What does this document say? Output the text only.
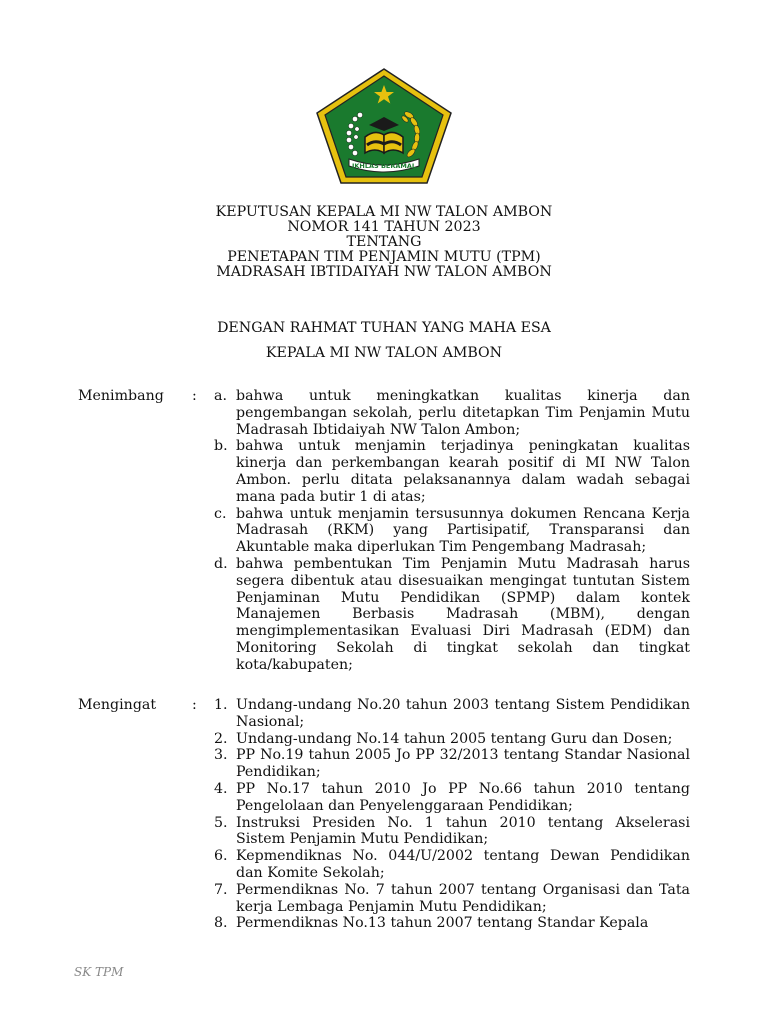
IKHLAS BERAMAL
KEPUTUSAN KEPALA MI NW TALON AMBON
NOMOR 141 TAHUN 2023
TENTANG
PENETAPAN TIM PENJAMIN MUTU (TPM)
MADRASAH IBTIDAIYAH NW TALON AMBON
DENGAN RAHMAT TUHAN YANG MAHA ESA
KEPALA MI NW TALON AMBON
Menimbang : a. bahwa untuk meningkatkan kualitas kinerja dan pengembangan sekolah, perlu ditetapkan Tim Penjamin Mutu Madrasah Ibtidaiyah NW Talon Ambon;
b. bahwa untuk menjamin terjadinya peningkatan kualitas kinerja dan perkembangan kearah positif di MI NW Talon Ambon. perlu ditata pelaksanannya dalam wadah sebagai mana pada butir 1 di atas;
c. bahwa untuk menjamin tersusunnya dokumen Rencana Kerja Madrasah (RKM) yang Partisipatif, Transparansi dan Akuntable maka diperlukan Tim Pengembang Madrasah;
d. bahwa pembentukan Tim Penjamin Mutu Madrasah harus segera dibentuk atau disesuaikan mengingat tuntutan Sistem Penjaminan Mutu Pendidikan (SPMP) dalam kontek Manajemen Berbasis Madrasah (MBM), dengan mengimplementasikan Evaluasi Diri Madrasah (EDM) dan Monitoring Sekolah di tingkat sekolah dan tingkat kota/kabupaten;
Mengingat	: 1. Undang-undang No.20 tahun 2003 tentang Sistem Pendidikan Nasional;
2. Undang-undang No.14 tahun 2005 tentang Guru dan Dosen;
3. PP No.19 tahun 2005 Jo PP 32/2013 tentang Standar Nasional Pendidikan;
4. PP No.17 tahun 2010 Jo PP No.66 tahun 2010 tentang Pengelolaan dan Penyelenggaraan Pendidikan;
5. Instruksi Presiden No. 1 tahun 2010 tentang Akselerasi Sistem Penjamin Mutu Pendidikan;
6. Kepmendiknas No. 044/U/2002 tentang Dewan Pendidikan dan Komite Sekolah;
7. Permendiknas No. 7 tahun 2007 tentang Organisasi dan Tata kerja Lembaga Penjamin Mutu Pendidikan;
8. Permendiknas No.13 tahun 2007 tentang Standar Kepala
SK TPM
